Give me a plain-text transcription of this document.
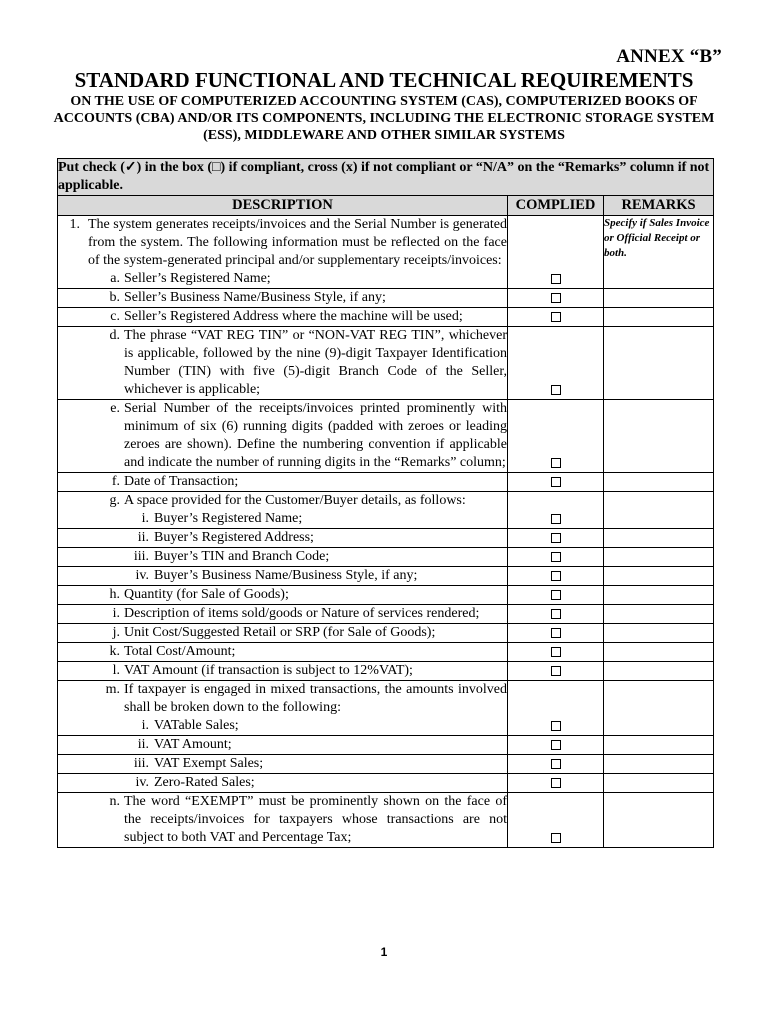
ANNEX “B”
STANDARD FUNCTIONAL AND TECHNICAL REQUIREMENTS
ON THE USE OF COMPUTERIZED ACCOUNTING SYSTEM (CAS), COMPUTERIZED BOOKS OF ACCOUNTS (CBA) AND/OR ITS COMPONENTS, INCLUDING THE ELECTRONIC STORAGE SYSTEM (ESS), MIDDLEWARE AND OTHER SIMILAR SYSTEMS
Put check (✓) in the box (□) if compliant, cross (x) if not compliant or “N/A” on the “Remarks” column if not applicable.		
DESCRIPTION	COMPLIED	REMARKS

1. The system generates receipts/invoices and the Serial Number is generated from the system. The following information must be reflected on the face of the system-generated principal and/or supplementary receipts/invoices:
a. Seller’s Registered Name;		Specify if Sales Invoice or Official Receipt or both.

b. Seller’s Business Name/Business Style, if any;		

c. Seller’s Registered Address where the machine will be used;		

d. The phrase “VAT REG TIN” or “NON-VAT REG TIN”, whichever is applicable, followed by the nine (9)-digit Taxpayer Identification Number (TIN) with five (5)-digit Branch Code of the Seller, whichever is applicable;		

e. Serial Number of the receipts/invoices printed prominently with minimum of six (6) running digits (padded with zeroes or leading zeroes are shown). Define the numbering convention if applicable and indicate the number of running digits in the “Remarks” column;		

f. Date of Transaction;		

g. A space provided for the Customer/Buyer details, as follows:
i. Buyer’s Registered Name;		

ii. Buyer’s Registered Address;		

iii. Buyer’s TIN and Branch Code;		

iv. Buyer’s Business Name/Business Style, if any;		

h. Quantity (for Sale of Goods);		

i. Description of items sold/goods or Nature of services rendered;		

j. Unit Cost/Suggested Retail or SRP (for Sale of Goods);		

k. Total Cost/Amount;		

l. VAT Amount (if transaction is subject to 12%VAT);		

m. If taxpayer is engaged in mixed transactions, the amounts involved shall be broken down to the following:
i. VATable Sales;		

ii. VAT Amount;		

iii. VAT Exempt Sales;		

iv. Zero-Rated Sales;		

n. The word “EXEMPT” must be prominently shown on the face of the receipts/invoices for taxpayers whose transactions are not subject to both VAT and Percentage Tax;		

1
